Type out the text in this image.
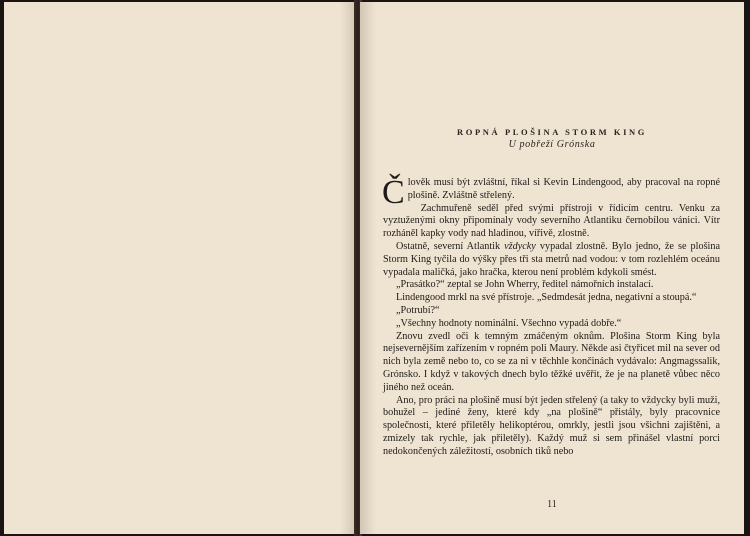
ROPNÁ PLOŠINA STORM KING
U pobřeží Grónska

Člověk musí být zvláštní, říkal si Kevin Lindengood, aby pracoval na ropné plošině. Zvláštně střelený.

Zachmuřeně seděl před svými přístroji v řídicím centru. Venku za vyztuženými okny připomínaly vody severního Atlantiku černobílou vánici. Vítr rozháněl kapky vody nad hladinou, vířivě, zlostně.

Ostatně, severní Atlantik vždycky vypadal zlostně. Bylo jedno, že se plošina Storm King tyčila do výšky přes tři sta metrů nad vodou: v tom rozlehlém oceánu vypadala maličká, jako hračka, kterou není problém kdykoli smést.

„Prasátko?“ zeptal se John Wherry, ředitel námořních instalací.

Lindengood mrkl na své přístroje. „Sedmdesát jedna, negativní a stoupá.“

„Potrubí?“

„Všechny hodnoty nominální. Všechno vypadá dobře.“

Znovu zvedl oči k temným zmáčeným oknům. Plošina Storm King byla nejsevernějším zařízením v ropném poli Maury. Někde asi čtyřicet mil na sever od nich byla země nebo to, co se za ni v těchhle končinách vydávalo: Angmagssalik, Grónsko. I když v takových dnech bylo těžké uvěřit, že je na planetě vůbec něco jiného než oceán.

Ano, pro práci na plošině musí být jeden střelený (a taky to vždycky byli muži, bohužel – jediné ženy, které kdy „na plošině“ přistály, byly pracovnice společnosti, které přiletěly helikoptérou, omrkly, jestli jsou všichni zajištěni, a zmizely tak rychle, jak přiletěly). Každý muž si sem přinášel vlastní porci nedokončených záležitostí, osobních tiků nebo

11
